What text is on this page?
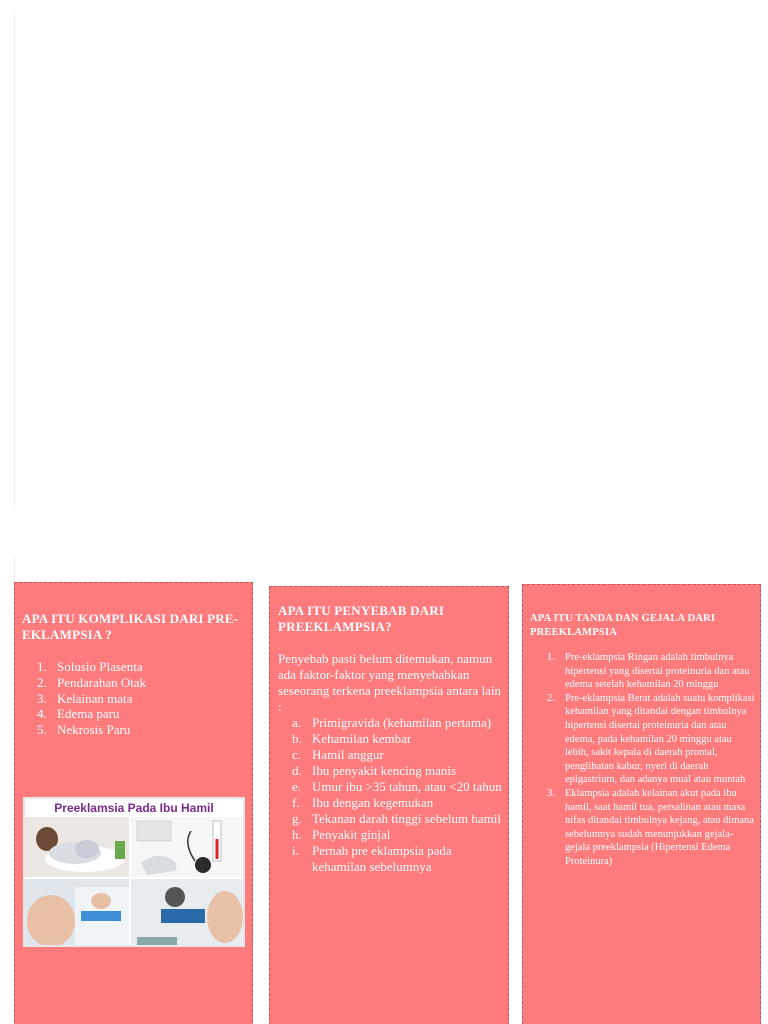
APA ITU KOMPLIKASI DARI PRE-EKLAMPSIA ?
1. Solusio Plasenta
2. Pendarahan Otak
3. Kelainan mata
4. Edema paru
5. Nekrosis Paru
Preeklamsia Pada Ibu Hamil
APA ITU PENYEBAB DARI PREEKLAMPSIA?

Penyebab pasti belum ditemukan, namun ada faktor-faktor yang menyebabkan seseorang terkena preeklampsia antara lain :

a. Primigravida (kehamilan pertama)
b. Kehamilan kembar
c. Hamil anggur
d. Ibu penyakit kencing manis
e. Umur ibu >35 tahun, atau <20 tahun
f. Ibu dengan kegemukan
g. Tekanan darah tinggi sebelum hamil
h. Penyakit ginjal
i. Pernah pre eklampsia pada kehamilan sebelumnya
APA ITU TANDA DAN GEJALA DARI PREEKLAMPSIA
1. Pre-eklampsia Ringan adalah timbulnya hipertensi yang disertai proteinuria dan atau edema setelah kehamilan 20 minggu
2. Pre-eklampsia Berat adalah suatu komplikasi kehamilan yang ditandai dengan timbulnya hipertensi disertai proteinuria dan atau edema, pada kehamilan 20 minggu atau lebih, sakit kepala di daerah prontal, penglihatan kabur, nyeri di daerah epigastrium, dan adanya mual atau muntah
3. Eklampsia adalah kelainan akut pada ibu hamil, saat hamil tua, persalinan atau masa nifas ditandai timbulnya kejang, atau dimana sebelumnya sudah menunjukkan gejala-gejala preeklampsia (Hipertensi Edema Proteinura)
